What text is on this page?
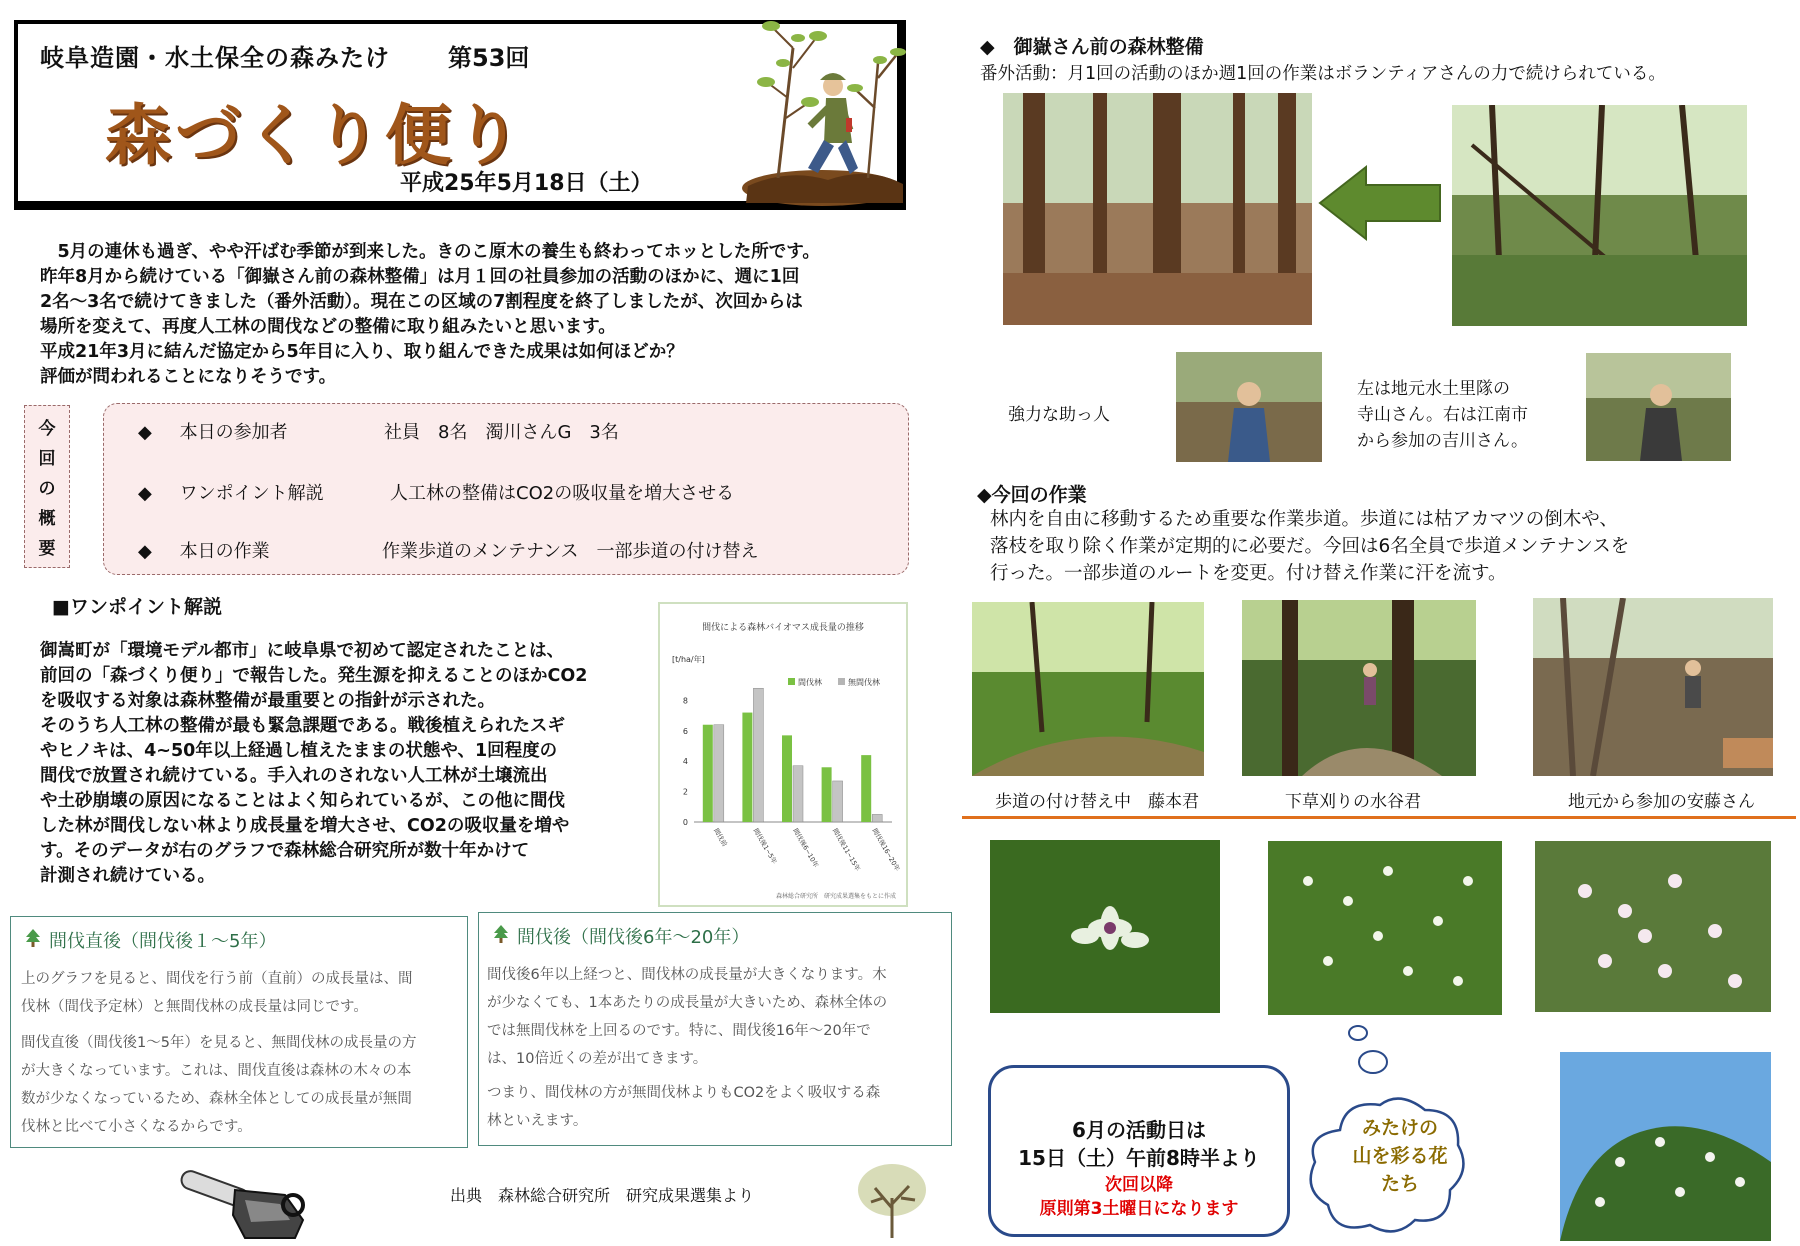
岐阜造園・水土保全の森みたけ 第53回
森づくり便り
平成25年5月18日（土）

　5月の連休も過ぎ、やや汗ばむ季節が到来した。きのこ原木の養生も終わってホッとした所です。

昨年8月から続けている「御嶽さん前の森林整備」は月１回の社員参加の活動のほかに、週に1回

2名～3名で続けてきました（番外活動）。現在この区域の7割程度を終了しましたが、次回からは

場所を変えて、再度人工林の間伐などの整備に取り組みたいと思います。

平成21年3月に結んだ協定から5年目に入り、取り組んできた成果は如何ほどか？

評価が問われることになりそうです。

今
回
の
概
要
◆ 本日の参加者	社員　8名　濁川さんG　3名
◆ ワンポイント解説	人工林の整備はCO2の吸収量を増大させる
◆ 本日の作業	作業歩道のメンテナンス　一部歩道の付け替え
■ワンポイント解説

御嵩町が「環境モデル都市」に岐阜県で初めて認定されたことは、

前回の「森づくり便り」で報告した。発生源を抑えることのほかCO2

を吸収する対象は森林整備が最重要との指針が示された。

そのうち人工林の整備が最も緊急課題である。戦後植えられたスギ

やヒノキは、4~50年以上経過し植えたままの状態や、1回程度の

間伐で放置され続けている。手入れのされない人工林が土壌流出

や土砂崩壊の原因になることはよく知られているが、この他に間伐

した林が間伐しない林より成長量を増大させ、CO2の吸収量を増や

す。そのデータが右のグラフで森林総合研究所が数十年かけて

計測され続けている。

間伐による森林バイオマス成長量の推移
[t/ha/年]
森林総合研究所　研究成果選集をもとに作成
0
2
4
6
8
間伐前	間伐後1~5年 間伐後6~10年 間伐後11~15年 間伐後16~20年
間伐林	無間伐林
間伐直後（間伐後１～5年）

上のグラフを見ると、間伐を行う前（直前）の成長量は、間

伐林（間伐予定林）と無間伐林の成長量は同じです。

間伐直後（間伐後1～5年）を見ると、無間伐林の成長量の方

が大きくなっています。これは、間伐直後は森林の木々の本

数が少なくなっているため、森林全体としての成長量が無間

伐林と比べて小さくなるからです。

間伐後（間伐後6年～20年）

間伐後6年以上経つと、間伐林の成長量が大きくなります。木

が少なくても、1本あたりの成長量が大きいため、森林全体の

では無間伐林を上回るのです。特に、間伐後16年～20年で

は、10倍近くの差が出てきます。

つまり、間伐林の方が無間伐林よりもCO2をよく吸収する森

林といえます。

出典　森林総合研究所　研究成果選集より
◆　御嶽さん前の森林整備
番外活動：月1回の活動のほか週1回の作業はボランティアさんの力で続けられている。
強力な助っ人
左は地元水土里隊の
寺山さん。右は江南市
から参加の吉川さん。
◆今回の作業
林内を自由に移動するため重要な作業歩道。歩道には枯アカマツの倒木や、
落枝を取り除く作業が定期的に必要だ。今回は6名全員で歩道メンテナンスを
行った。一部歩道のルートを変更。付け替え作業に汗を流す。
歩道の付け替え中　藤本君	下草刈りの水谷君	地元から参加の安藤さん
6月の活動日は
15日（土）午前8時半より
次回以降
原則第3土曜日になります
みたけの
山を彩る花
たち
